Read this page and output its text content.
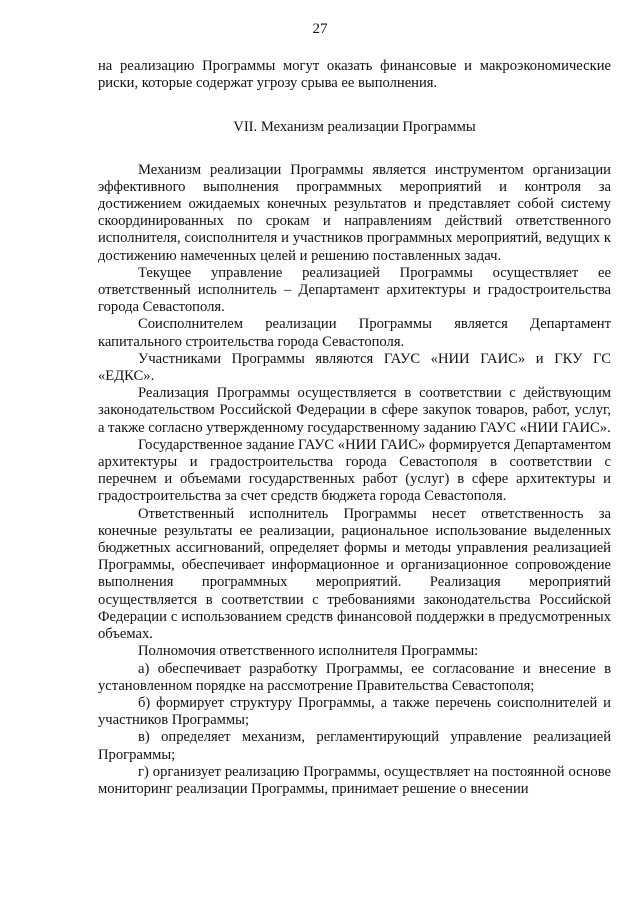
27

на реализацию Программы могут оказать финансовые и макроэкономические риски, которые содержат угрозу срыва ее выполнения.

VII. Механизм реализации Программы

Механизм реализации Программы является инструментом организации эффективного выполнения программных мероприятий и контроля за достижением ожидаемых конечных результатов и представляет собой систему скоординированных по срокам и направлениям действий ответственного исполнителя, соисполнителя и участников программных мероприятий, ведущих к достижению намеченных целей и решению поставленных задач.

Текущее управление реализацией Программы осуществляет ее ответственный исполнитель – Департамент архитектуры и градостроительства города Севастополя.

Соисполнителем реализации Программы является Департамент капитального строительства города Севастополя.

Участниками Программы являются ГАУС «НИИ ГАИС» и ГКУ ГС «ЕДКС».

Реализация Программы осуществляется в соответствии с действующим законодательством Российской Федерации в сфере закупок товаров, работ, услуг, а также согласно утвержденному государственному заданию ГАУС «НИИ ГАИС».

Государственное задание ГАУС «НИИ ГАИС» формируется Департаментом архитектуры и градостроительства города Севастополя в соответствии с перечнем и объемами государственных работ (услуг) в сфере архитектуры и градостроительства за счет средств бюджета города Севастополя.

Ответственный исполнитель Программы несет ответственность за конечные результаты ее реализации, рациональное использование выделенных бюджетных ассигнований, определяет формы и методы управления реализацией Программы, обеспечивает информационное и организационное сопровождение выполнения программных мероприятий. Реализация мероприятий осуществляется в соответствии с требованиями законодательства Российской Федерации с использованием средств финансовой поддержки в предусмотренных объемах.

Полномочия ответственного исполнителя Программы:

а) обеспечивает разработку Программы, ее согласование и внесение в установленном порядке на рассмотрение Правительства Севастополя;

б) формирует структуру Программы, а также перечень соисполнителей и участников Программы;

в) определяет механизм, регламентирующий управление реализацией Программы;

г) организует реализацию Программы, осуществляет на постоянной основе мониторинг реализации Программы, принимает решение о внесении
